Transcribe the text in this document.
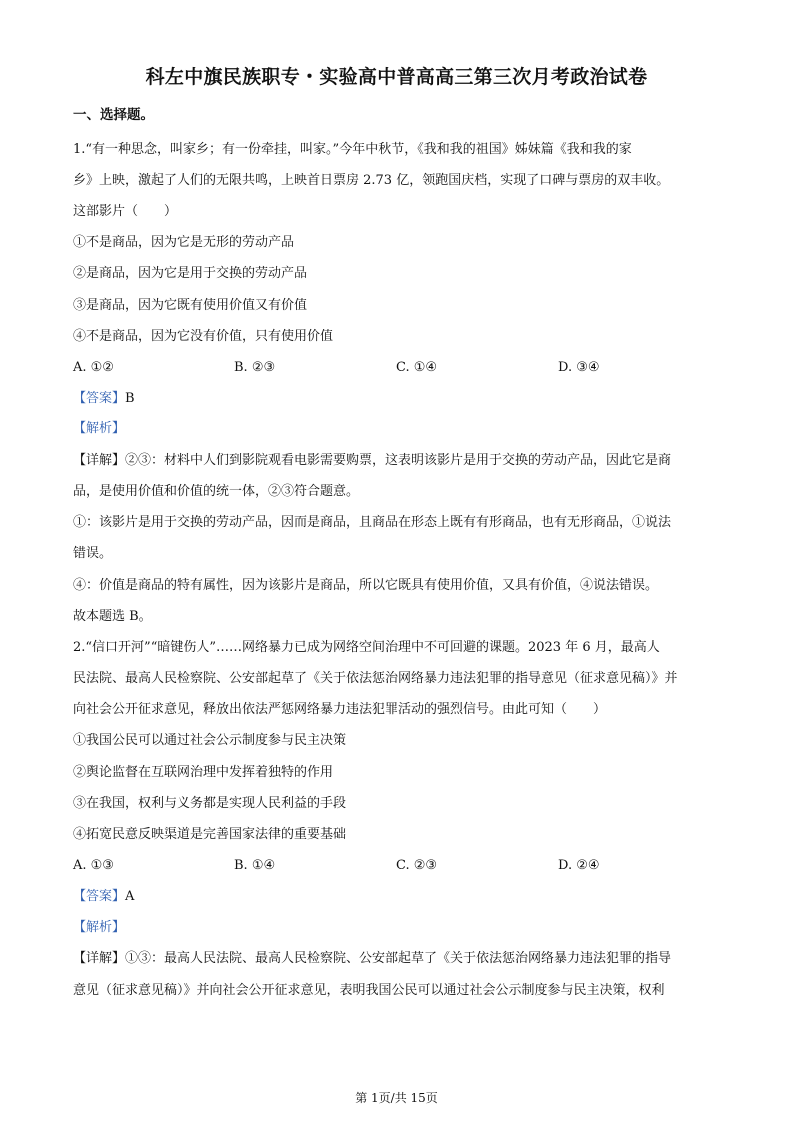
科左中旗民族职专・实验高中普高高三第三次月考政治试卷
一、选择题。
1.“有一种思念，叫家乡；有一份牵挂，叫家。”今年中秋节，《我和我的祖国》姊妹篇《我和我的家
乡》上映，激起了人们的无限共鸣，上映首日票房 2.73 亿，领跑国庆档，实现了口碑与票房的双丰收。
这部影片（　　）
①不是商品，因为它是无形的劳动产品
②是商品，因为它是用于交换的劳动产品
③是商品，因为它既有使用价值又有价值
④不是商品，因为它没有价值，只有使用价值
A. ①②	B. ②③	C. ①④	D. ③④
【答案】B
【解析】
【详解】②③：材料中人们到影院观看电影需要购票，这表明该影片是用于交换的劳动产品，因此它是商
品，是使用价值和价值的统一体，②③符合题意。
①：该影片是用于交换的劳动产品，因而是商品，且商品在形态上既有有形商品，也有无形商品，①说法
错误。
④：价值是商品的特有属性，因为该影片是商品，所以它既具有使用价值，又具有价值，④说法错误。
故本题选 B。
2.“信口开河”“暗键伤人”……网络暴力已成为网络空间治理中不可回避的课题。2023 年 6 月，最高人
民法院、最高人民检察院、公安部起草了《关于依法惩治网络暴力违法犯罪的指导意见（征求意见稿）》并
向社会公开征求意见，释放出依法严惩网络暴力违法犯罪活动的强烈信号。由此可知（　　）
①我国公民可以通过社会公示制度参与民主决策
②舆论监督在互联网治理中发挥着独特的作用
③在我国，权利与义务都是实现人民利益的手段
④拓宽民意反映渠道是完善国家法律的重要基础
A. ①③	B. ①④	C. ②③	D. ②④
【答案】A
【解析】
【详解】①③：最高人民法院、最高人民检察院、公安部起草了《关于依法惩治网络暴力违法犯罪的指导
意见（征求意见稿）》并向社会公开征求意见，表明我国公民可以通过社会公示制度参与民主决策，权利
第 1页/共 15页
